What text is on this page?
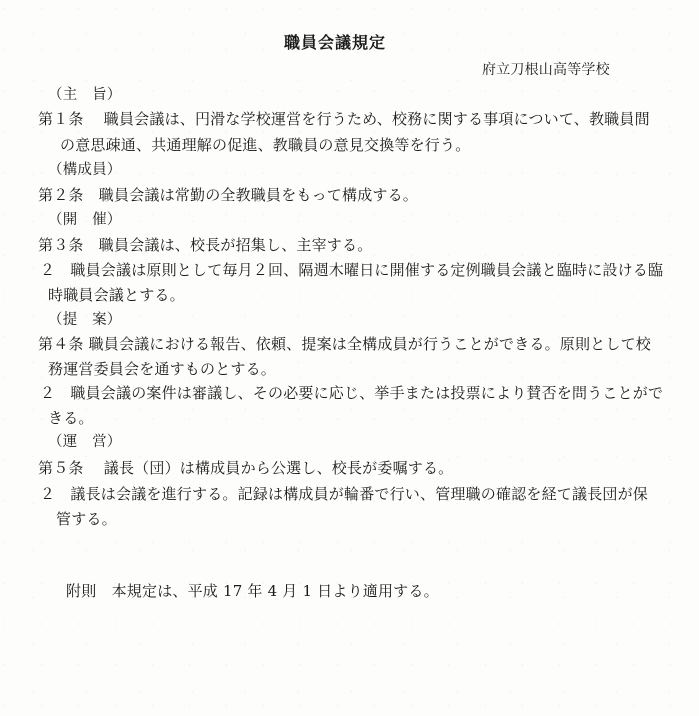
職員会議規定
府立刀根山高等学校
（主　旨）
第１条　 職員会議は、円滑な学校運営を行うため、校務に関する事項について、教職員間
の意思疎通、共通理解の促進、教職員の意見交換等を行う。
（構成員）
第２条　職員会議は常勤の全教職員をもって構成する。
（開　催）
第３条　職員会議は、校長が招集し、主宰する。
２　職員会議は原則として毎月２回、隔週木曜日に開催する定例職員会議と臨時に設ける臨
時職員会議とする。
（提　案）
第４条 職員会議における報告、依頼、提案は全構成員が行うことができる。原則として校
務運営委員会を通すものとする。
２　職員会議の案件は審議し、その必要に応じ、挙手または投票により賛否を問うことがで
きる。
（運　営）
第５条　 議長（団）は構成員から公選し、校長が委嘱する。
２　議長は会議を進行する。記録は構成員が輪番で行い、管理職の確認を経て議長団が保
管する。
附則　本規定は、平成 17 年 4 月 1 日より適用する。
